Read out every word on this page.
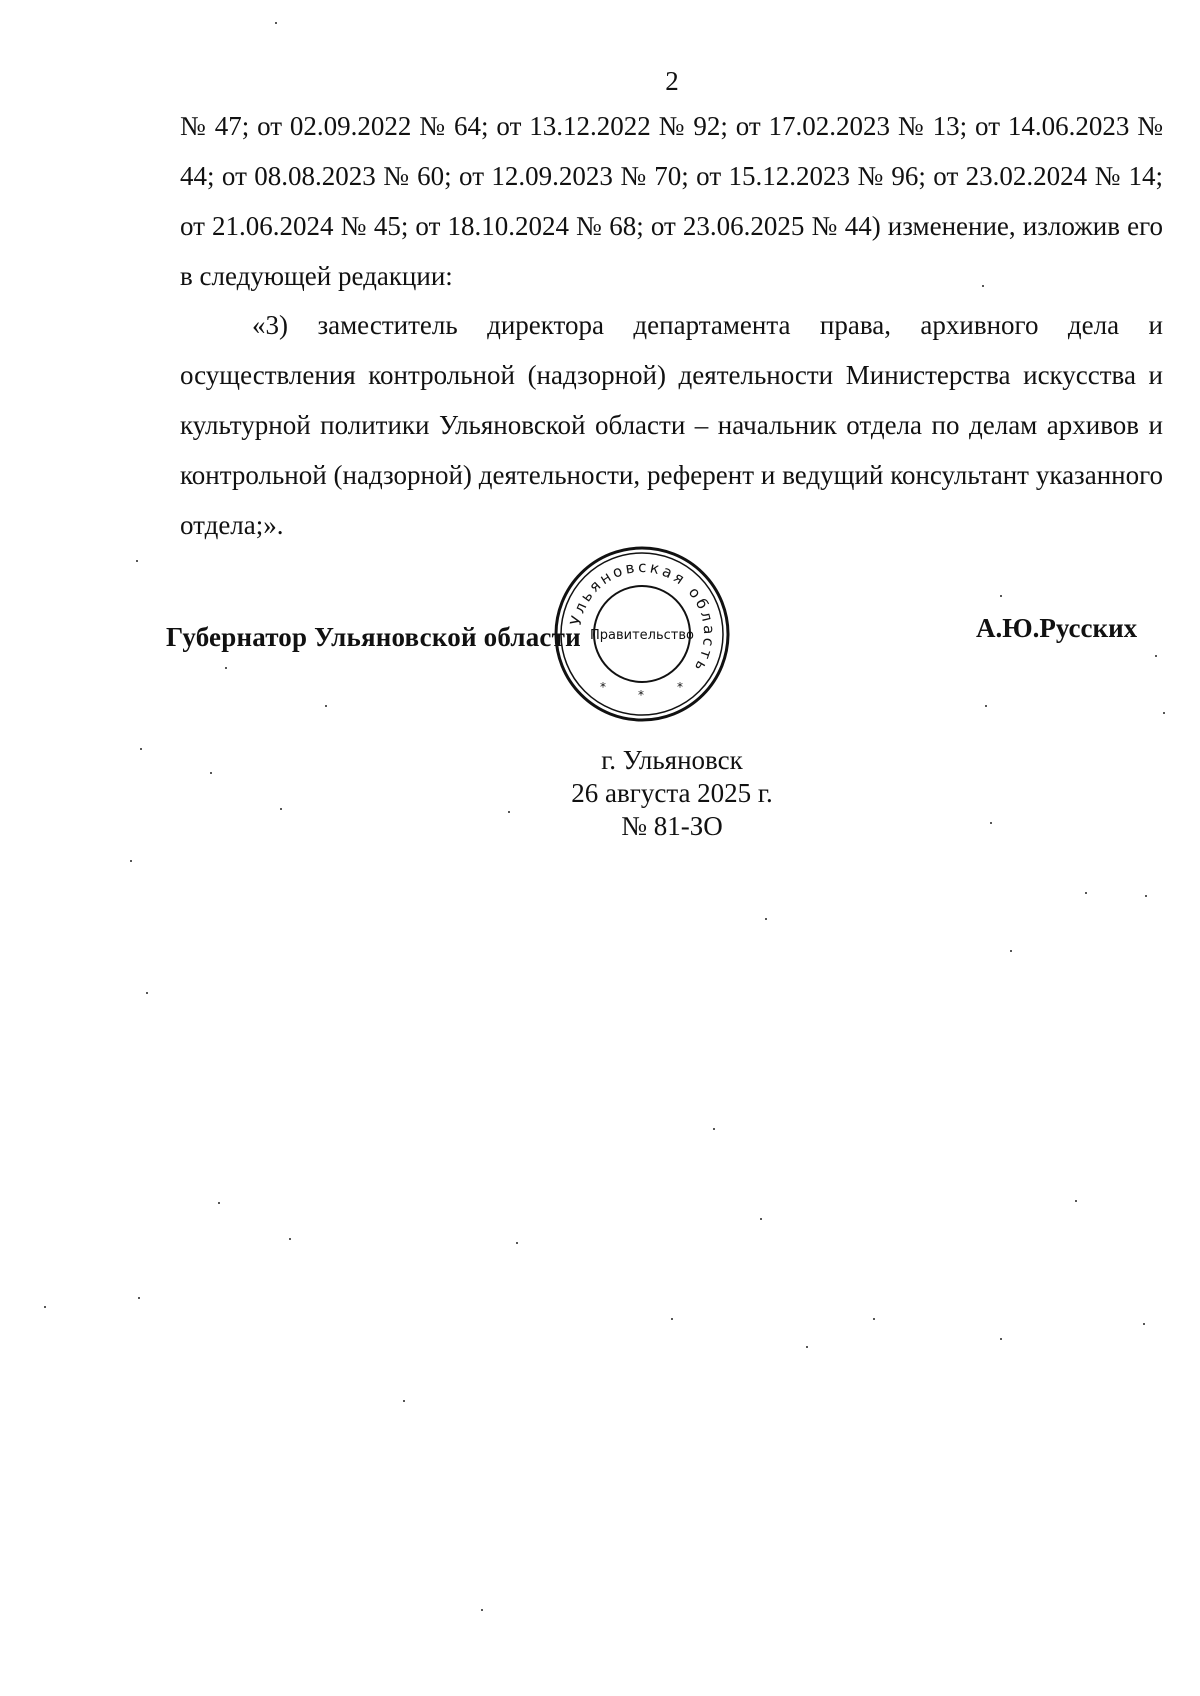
2

№ 47; от 02.09.2022 № 64; от 13.12.2022 № 92; от 17.02.2023 № 13; от 14.06.2023 № 44; от 08.08.2023 № 60; от 12.09.2023 № 70; от 15.12.2023 № 96; от 23.02.2024 № 14; от 21.06.2024 № 45; от 18.10.2024 № 68; от 23.06.2025 № 44) изменение, изложив его в следующей редакции:

«3) заместитель директора департамента права, архивного дела и осуществления контрольной (надзорной) деятельности Министерства искусства и культурной политики Ульяновской области – начальник отдела по делам архивов и контрольной (надзорной) деятельности, референт и ведущий консультант указанного отдела;».

Губернатор Ульяновской области	А.Ю.Русских
Ульяновская область
Правительство
*
*
*
г. Ульяновск
26 августа 2025 г.
№ 81-ЗО
